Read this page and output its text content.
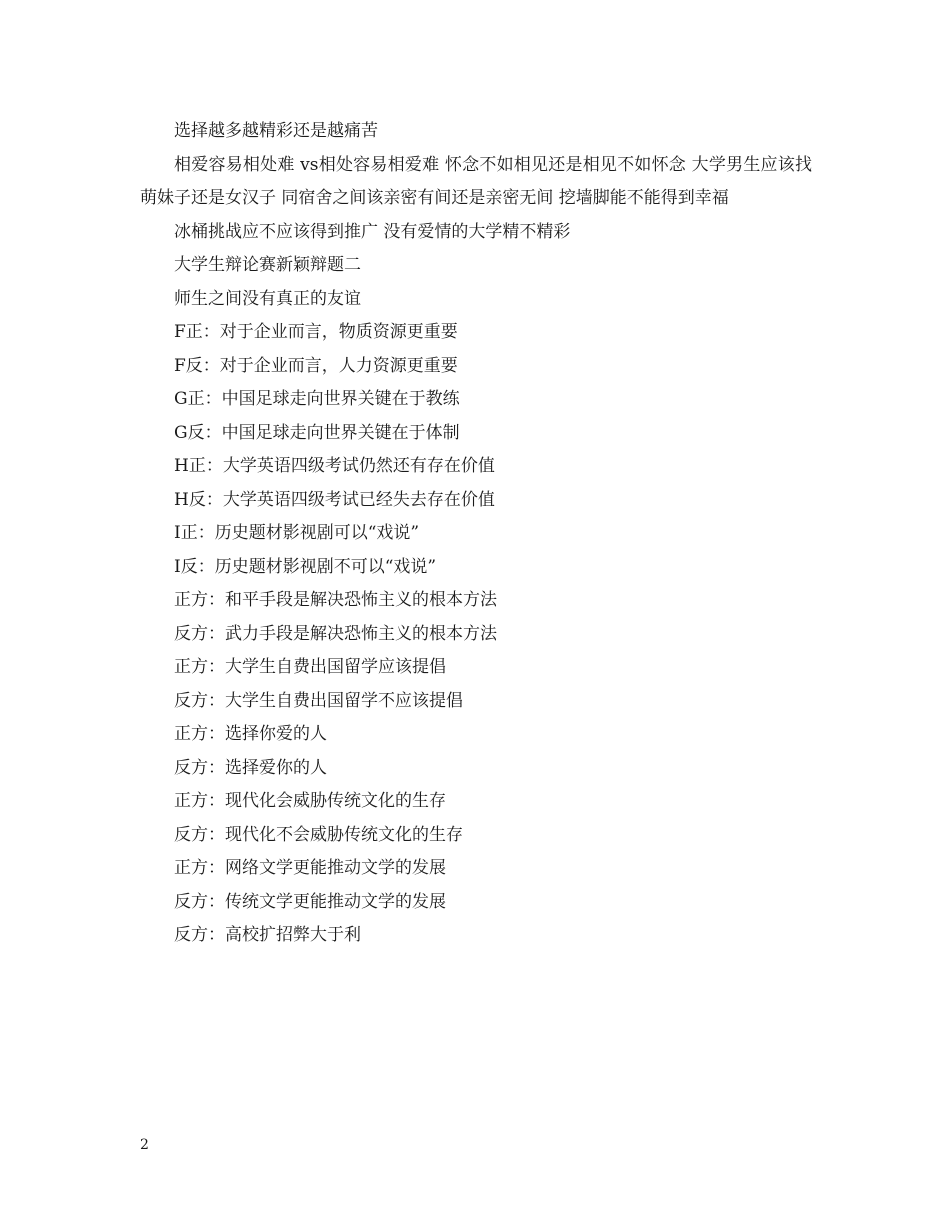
选择越多越精彩还是越痛苦

相爱容易相处难 vs相处容易相爱难 怀念不如相见还是相见不如怀念 大学男生应该找萌妹子还是女汉子 同宿舍之间该亲密有间还是亲密无间 挖墙脚能不能得到幸福

冰桶挑战应不应该得到推广 没有爱情的大学精不精彩

大学生辩论赛新颖辩题二

师生之间没有真正的友谊

F正：对于企业而言，物质资源更重要

F反：对于企业而言，人力资源更重要

G正：中国足球走向世界关键在于教练

G反：中国足球走向世界关键在于体制

H正：大学英语四级考试仍然还有存在价值

H反：大学英语四级考试已经失去存在价值

I正：历史题材影视剧可以“戏说”

I反：历史题材影视剧不可以“戏说”

正方：和平手段是解决恐怖主义的根本方法

反方：武力手段是解决恐怖主义的根本方法

正方：大学生自费出国留学应该提倡

反方：大学生自费出国留学不应该提倡

正方：选择你爱的人

反方：选择爱你的人

正方：现代化会威胁传统文化的生存

反方：现代化不会威胁传统文化的生存

正方：网络文学更能推动文学的发展

反方：传统文学更能推动文学的发展

反方：高校扩招弊大于利

2
